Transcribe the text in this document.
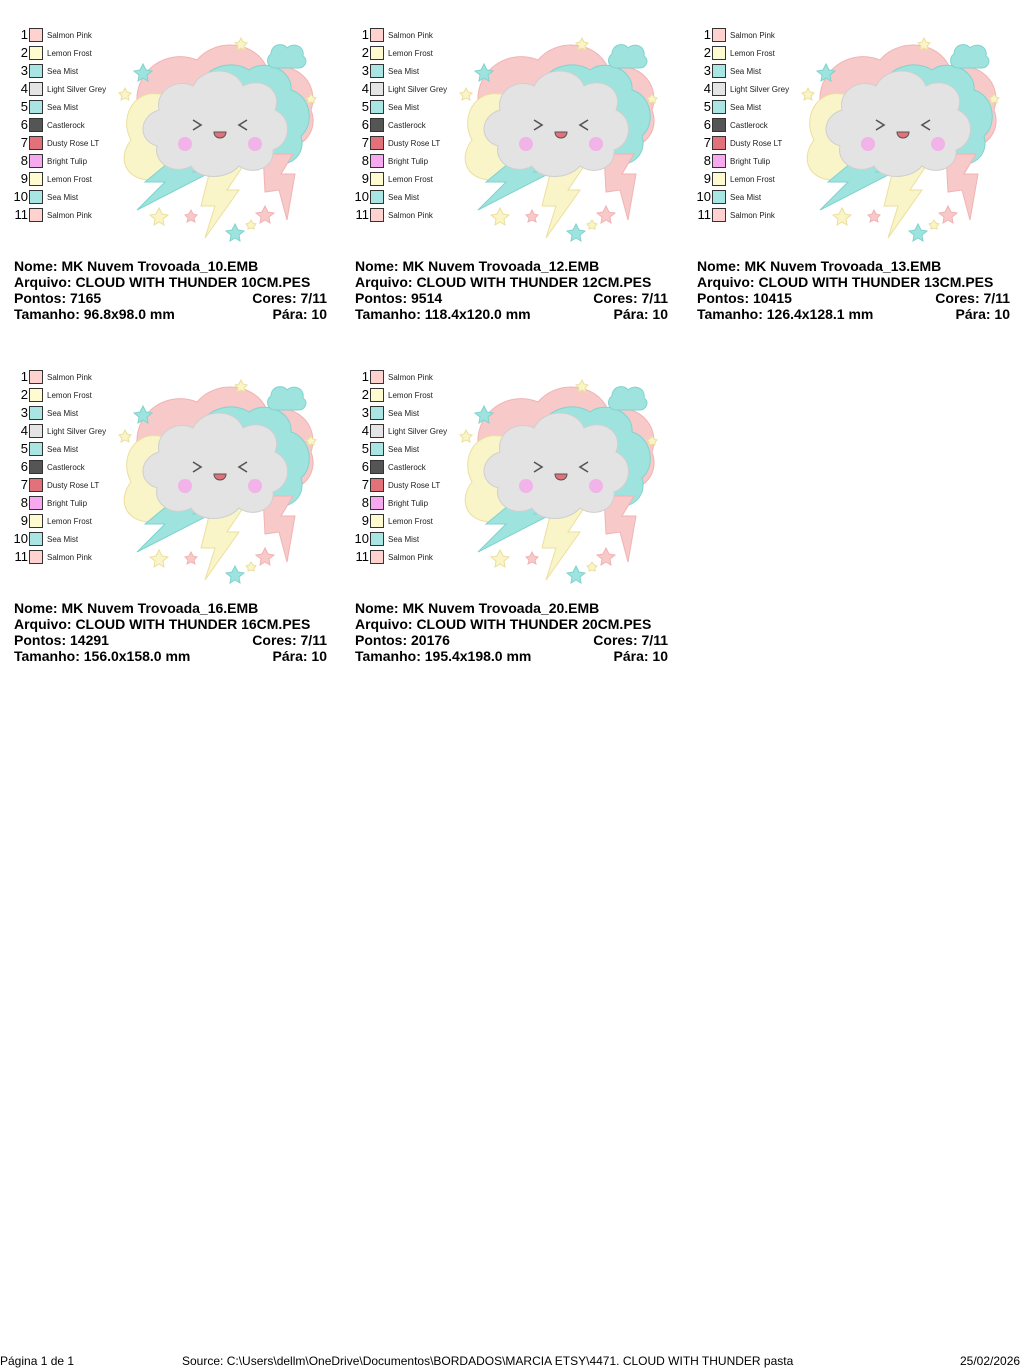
1 Salmon Pink
2 Lemon Frost
3 Sea Mist
4 Light Silver Grey
5 Sea Mist
6 Castlerock
7 Dusty Rose LT
8 Bright Tulip
9 Lemon Frost
10 Sea Mist
11 Salmon Pink
Nome: MK Nuvem Trovoada_10.EMB
Arquivo: CLOUD WITH THUNDER 10CM.PES
Pontos: 7165	Cores: 7/11
Tamanho: 96.8x98.0 mm	Pára: 10
1 Salmon Pink
2 Lemon Frost
3 Sea Mist
4 Light Silver Grey
5 Sea Mist
6 Castlerock
7 Dusty Rose LT
8 Bright Tulip
9 Lemon Frost
10 Sea Mist
11 Salmon Pink
Nome: MK Nuvem Trovoada_12.EMB
Arquivo: CLOUD WITH THUNDER 12CM.PES
Pontos: 9514	Cores: 7/11
Tamanho: 118.4x120.0 mm	Pára: 10
1 Salmon Pink
2 Lemon Frost
3 Sea Mist
4 Light Silver Grey
5 Sea Mist
6 Castlerock
7 Dusty Rose LT
8 Bright Tulip
9 Lemon Frost
10 Sea Mist
11 Salmon Pink
Nome: MK Nuvem Trovoada_13.EMB
Arquivo: CLOUD WITH THUNDER 13CM.PES
Pontos: 10415	Cores: 7/11
Tamanho: 126.4x128.1 mm	Pára: 10
1 Salmon Pink
2 Lemon Frost
3 Sea Mist
4 Light Silver Grey
5 Sea Mist
6 Castlerock
7 Dusty Rose LT
8 Bright Tulip
9 Lemon Frost
10 Sea Mist
11 Salmon Pink
Nome: MK Nuvem Trovoada_16.EMB
Arquivo: CLOUD WITH THUNDER 16CM.PES
Pontos: 14291	Cores: 7/11
Tamanho: 156.0x158.0 mm	Pára: 10
1 Salmon Pink
2 Lemon Frost
3 Sea Mist
4 Light Silver Grey
5 Sea Mist
6 Castlerock
7 Dusty Rose LT
8 Bright Tulip
9 Lemon Frost
10 Sea Mist
11 Salmon Pink
Nome: MK Nuvem Trovoada_20.EMB
Arquivo: CLOUD WITH THUNDER 20CM.PES
Pontos: 20176	Cores: 7/11
Tamanho: 195.4x198.0 mm	Pára: 10
Página 1 de 1	Source: C:\Users\dellm\OneDrive\Documentos\BORDADOS\MARCIA ETSY\4471. CLOUD WITH THUNDER pasta	25/02/2026
